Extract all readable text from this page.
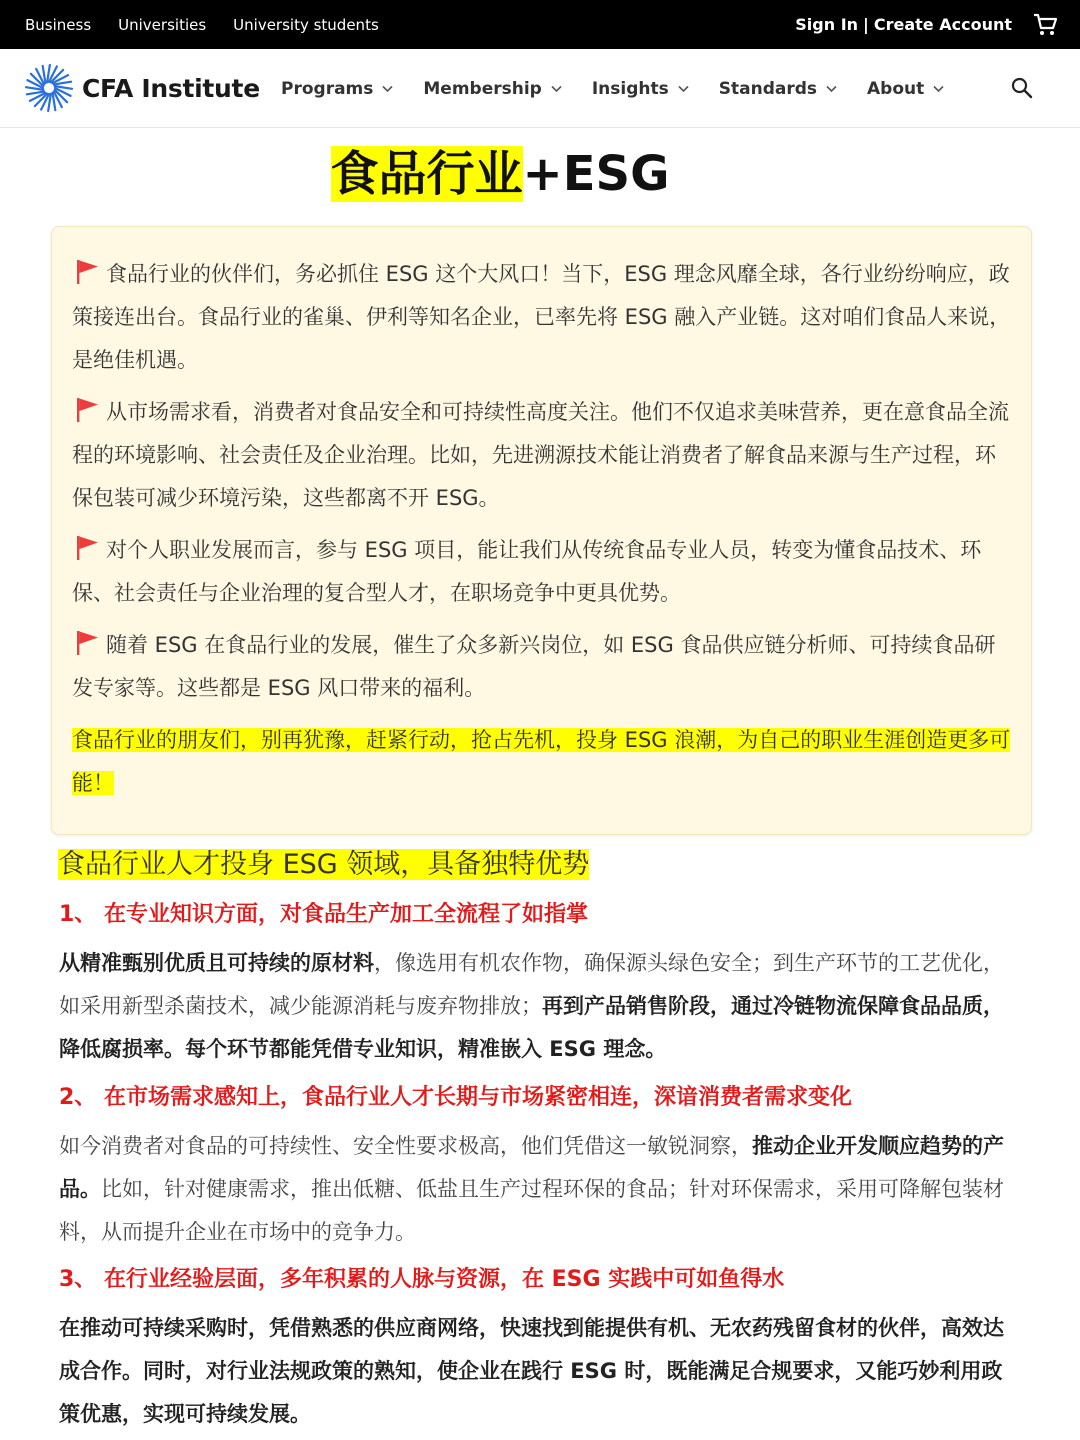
Business Universities University students	Sign In | Create Account
CFA Institute Programs	Membership	Insights	Standards	About
食品行业+ESG

食品行业的伙伴们，务必抓住 ESG 这个大风口！当下，ESG 理念风靡全球，各行业纷纷响应，政策接连出台。食品行业的雀巢、伊利等知名企业，已率先将 ESG 融入产业链。这对咱们食品人来说，是绝佳机遇。

从市场需求看，消费者对食品安全和可持续性高度关注。他们不仅追求美味营养，更在意食品全流程的环境影响、社会责任及企业治理。比如，先进溯源技术能让消费者了解食品来源与生产过程，环保包装可减少环境污染，这些都离不开 ESG。

对个人职业发展而言，参与 ESG 项目，能让我们从传统食品专业人员，转变为懂食品技术、环保、社会责任与企业治理的复合型人才，在职场竞争中更具优势。

随着 ESG 在食品行业的发展，催生了众多新兴岗位，如 ESG 食品供应链分析师、可持续食品研发专家等。这些都是 ESG 风口带来的福利。

食品行业的朋友们，别再犹豫，赶紧行动，抢占先机，投身 ESG 浪潮，为自己的职业生涯创造更多可能！

食品行业人才投身 ESG 领域，具备独特优势
1、 在专业知识方面，对食品生产加工全流程了如指掌
从精准甄别优质且可持续的原材料，像选用有机农作物，确保源头绿色安全；到生产环节的工艺优化，如采用新型杀菌技术，减少能源消耗与废弃物排放；再到产品销售阶段，通过冷链物流保障食品品质，降低腐损率。每个环节都能凭借专业知识，精准嵌入 ESG 理念。
2、 在市场需求感知上，食品行业人才长期与市场紧密相连，深谙消费者需求变化
如今消费者对食品的可持续性、安全性要求极高，他们凭借这一敏锐洞察，推动企业开发顺应趋势的产品。比如，针对健康需求，推出低糖、低盐且生产过程环保的食品；针对环保需求，采用可降解包装材料，从而提升企业在市场中的竞争力。
3、 在行业经验层面，多年积累的人脉与资源，在 ESG 实践中可如鱼得水
在推动可持续采购时，凭借熟悉的供应商网络，快速找到能提供有机、无农药残留食材的伙伴，高效达成合作。同时，对行业法规政策的熟知，使企业在践行 ESG 时，既能满足合规要求，又能巧妙利用政策优惠，实现可持续发展。
